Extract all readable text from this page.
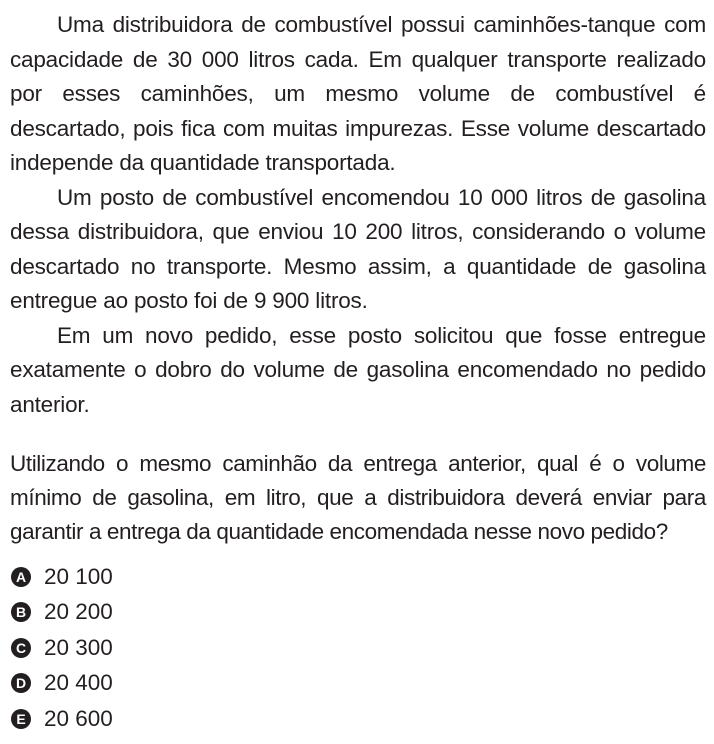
Uma distribuidora de combustível possui caminhões-tanque com capacidade de 30 000 litros cada. Em qualquer transporte realizado por esses caminhões, um mesmo volume de combustível é descartado, pois fica com muitas impurezas. Esse volume descartado independe da quantidade transportada.

Um posto de combustível encomendou 10 000 litros de gasolina dessa distribuidora, que enviou 10 200 litros, considerando o volume descartado no transporte. Mesmo assim, a quantidade de gasolina entregue ao posto foi de 9 900 litros.

Em um novo pedido, esse posto solicitou que fosse entregue exatamente o dobro do volume de gasolina encomendado no pedido anterior.

Utilizando o mesmo caminhão da entrega anterior, qual é o volume mínimo de gasolina, em litro, que a distribuidora deverá enviar para garantir a entrega da quantidade encomendada nesse novo pedido?

A 20 100
B 20 200
C 20 300
D 20 400
E 20 600
